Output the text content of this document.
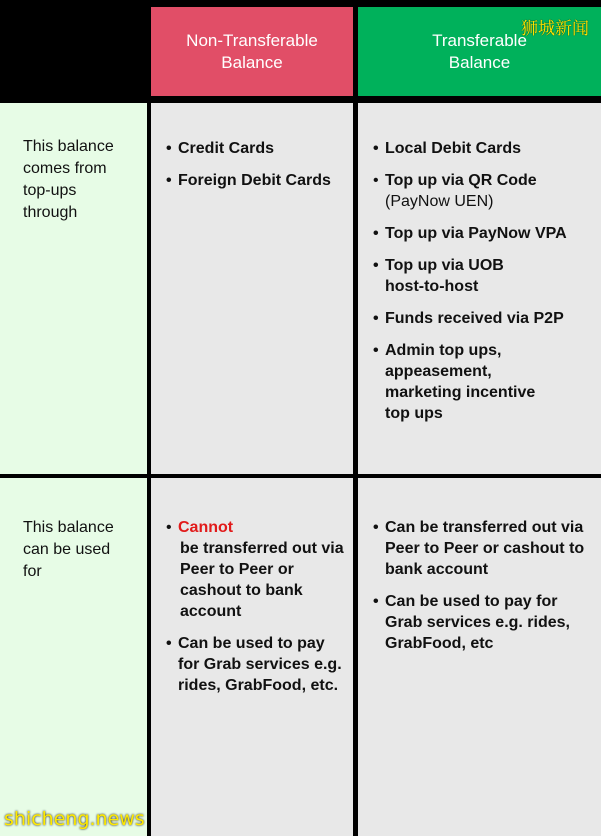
Non-Transferable
Balance
Transferable
Balance
This balance
comes from
top-ups
through
• Credit Cards
• Foreign Debit Cards
• Local Debit Cards
• Top up via QR Code
(PayNow UEN)
• Top up via PayNow VPA
• Top up via UOB
host-to-host
• Funds received via P2P
• Admin top ups, appeasement, marketing incentive top ups
This balance
can be used
for
• Cannot
be transferred out via Peer to Peer or cashout to bank account
• Can be used to pay for Grab services e.g. rides, GrabFood, etc.
• Can be transferred out via Peer to Peer or cashout to bank account
• Can be used to pay for Grab services e.g. rides, GrabFood, etc
狮城新闻
shicheng.news
